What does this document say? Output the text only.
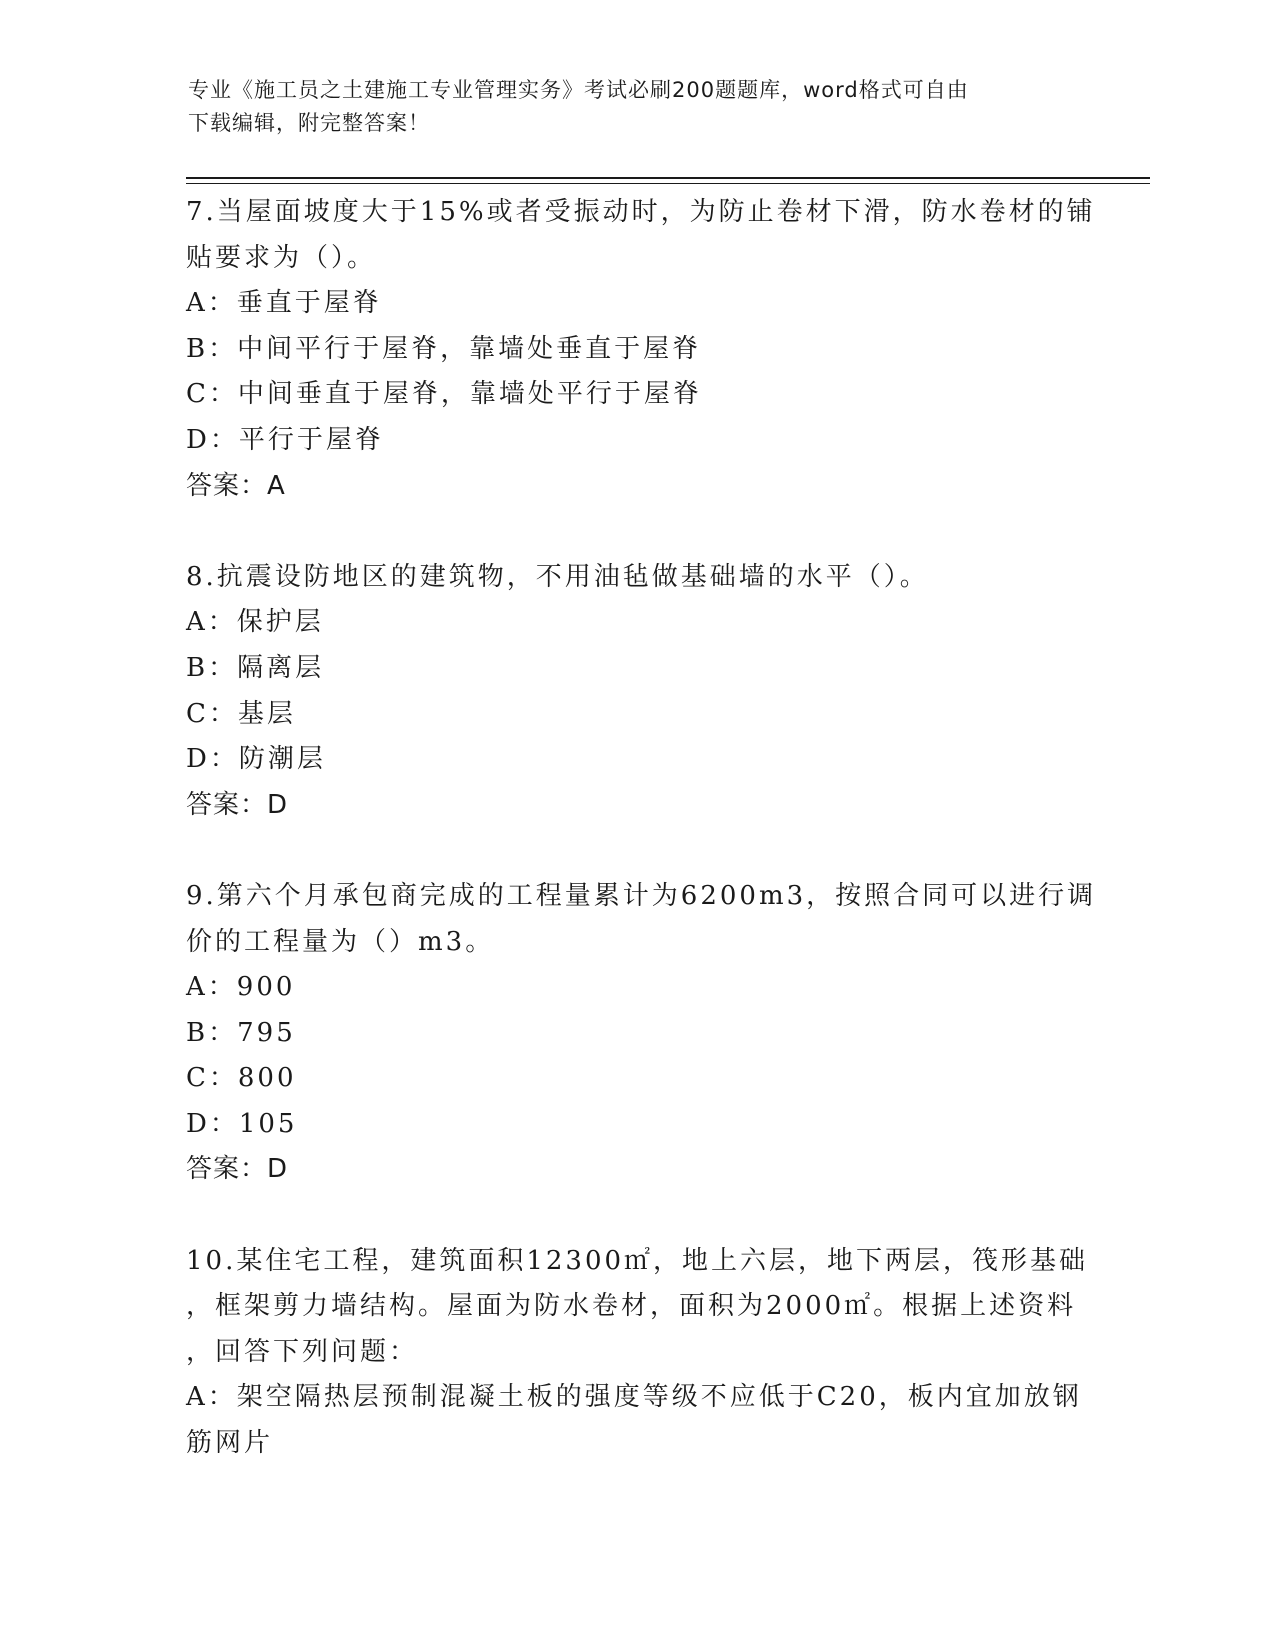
专业《施工员之土建施工专业管理实务》考试必刷200题题库，word格式可自由
下载编辑，附完整答案！
7.当屋面坡度大于15%或者受振动时，为防止卷材下滑，防水卷材的铺
贴要求为（）。
A：垂直于屋脊
B：中间平行于屋脊，靠墙处垂直于屋脊
C：中间垂直于屋脊，靠墙处平行于屋脊
D：平行于屋脊
答案：A
8.抗震设防地区的建筑物，不用油毡做基础墙的水平（）。
A：保护层
B：隔离层
C：基层
D：防潮层
答案：D
9.第六个月承包商完成的工程量累计为6200m3，按照合同可以进行调
价的工程量为（）m3。
A：900
B：795
C：800
D：105
答案：D
10.某住宅工程，建筑面积12300㎡，地上六层，地下两层，筏形基础
，框架剪力墙结构。屋面为防水卷材，面积为2000㎡。根据上述资料
，回答下列问题：
A：架空隔热层预制混凝土板的强度等级不应低于C20，板内宜加放钢
筋网片
